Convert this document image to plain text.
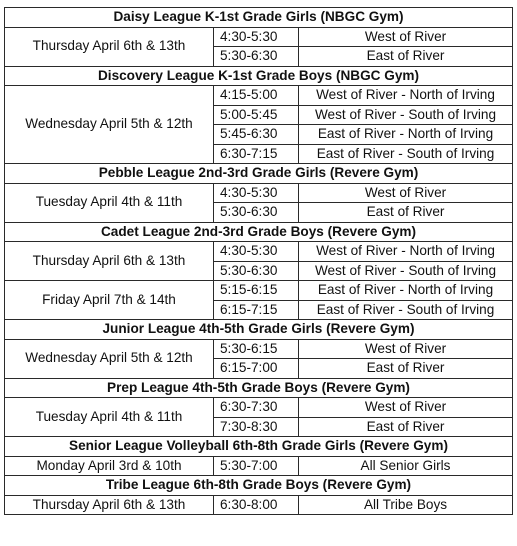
Daisy League K-1st Grade Girls (NBGC Gym)		
Thursday April 6th & 13th	4:30-5:30	West of River
	5:30-6:30	East of River
Discovery League K-1st Grade Boys (NBGC Gym)		
Wednesday April 5th & 12th	4:15-5:00	West of River - North of Irving
	5:00-5:45	West of River - South of Irving
	5:45-6:30	East of River - North of Irving
	6:30-7:15	East of River - South of Irving
Pebble League 2nd-3rd Grade Girls (Revere Gym)		
Tuesday April 4th & 11th	4:30-5:30	West of River
	5:30-6:30	East of River
Cadet League 2nd-3rd Grade Boys (Revere Gym)		
Thursday April 6th & 13th	4:30-5:30	West of River - North of Irving
	5:30-6:30	West of River - South of Irving
Friday April 7th & 14th	5:15-6:15	East of River - North of Irving
	6:15-7:15	East of River - South of Irving
Junior League 4th-5th Grade Girls (Revere Gym)		
Wednesday April 5th & 12th	5:30-6:15	West of River
	6:15-7:00	East of River
Prep League 4th-5th Grade Boys (Revere Gym)		
Tuesday April 4th & 11th	6:30-7:30	West of River
	7:30-8:30	East of River
Senior League Volleyball 6th-8th Grade Girls (Revere Gym)		
Monday April 3rd & 10th	5:30-7:00	All Senior Girls
Tribe League 6th-8th Grade Boys (Revere Gym)		
Thursday April 6th & 13th	6:30-8:00	All Tribe Boys
